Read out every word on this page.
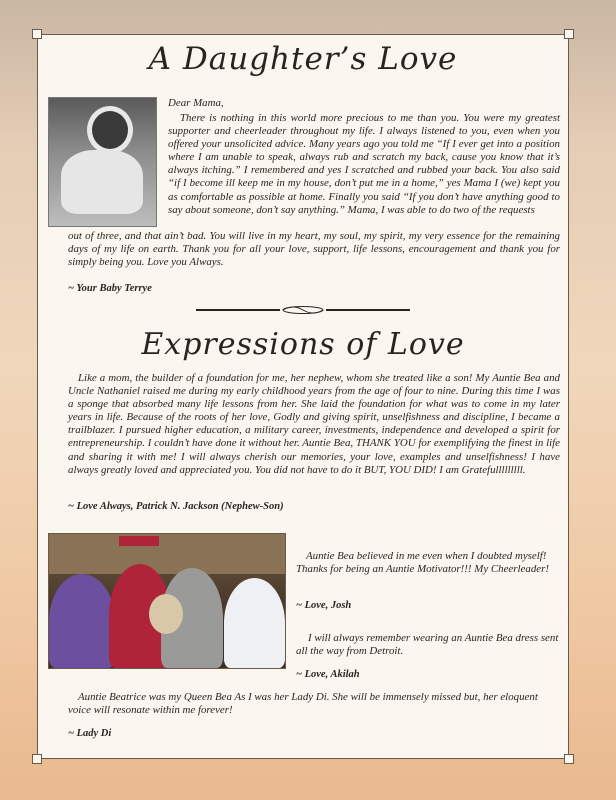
A Daughter’s Love
Dear Mama,
There is nothing in this world more precious to me than you. You were my greatest supporter and cheerleader throughout my life. I always listened to you, even when you offered your unsolicited advice. Many years ago you told me “If I ever get into a position where I am unable to speak, always rub and scratch my back, cause you know that it’s always itching.” I remembered and yes I scratched and rubbed your back. You also said “if I become ill keep me in my house, don’t put me in a home,” yes Mama I (we) kept you as comfortable as possible at home. Finally you said “If you don’t have anything good to say about someone, don’t say anything.” Mama, I was able to do two of the requests
out of three, and that ain’t bad. You will live in my heart, my soul, my spirit, my very essence for the remaining days of my life on earth. Thank you for all your love, support, life lessons, encouragement and thank you for simply being you. Love you Always.
~ Your Baby Terrye
Expressions of Love
Like a mom, the builder of a foundation for me, her nephew, whom she treated like a son! My Auntie Bea and Uncle Nathaniel raised me during my early childhood years from the age of four to nine. During this time I was a sponge that absorbed many life lessons from her. She laid the foundation for what was to come in my later years in life. Because of the roots of her love, Godly and giving spirit, unselfishness and discipline, I became a trailblazer. I pursued higher education, a military career, investments, independence and developed a spirit for entrepreneurship. I couldn’t have done it without her. Auntie Bea, THANK YOU for exemplifying the finest in life and sharing it with me! I will always cherish our memories, your love, examples and unselfishness! I have always greatly loved and appreciated you. You did not have to do it BUT, YOU DID! I am Gratefulllllllll.
~ Love Always, Patrick N. Jackson (Nephew-Son)
Auntie Bea believed in me even when I doubted myself! Thanks for being an Auntie Motivator!!! My Cheerleader!
~ Love, Josh
I will always remember wearing an Auntie Bea dress sent all the way from Detroit.
~ Love, Akilah
Auntie Beatrice was my Queen Bea As I was her Lady Di. She will be immensely missed but, her eloquent voice will resonate within me forever!
~ Lady Di
